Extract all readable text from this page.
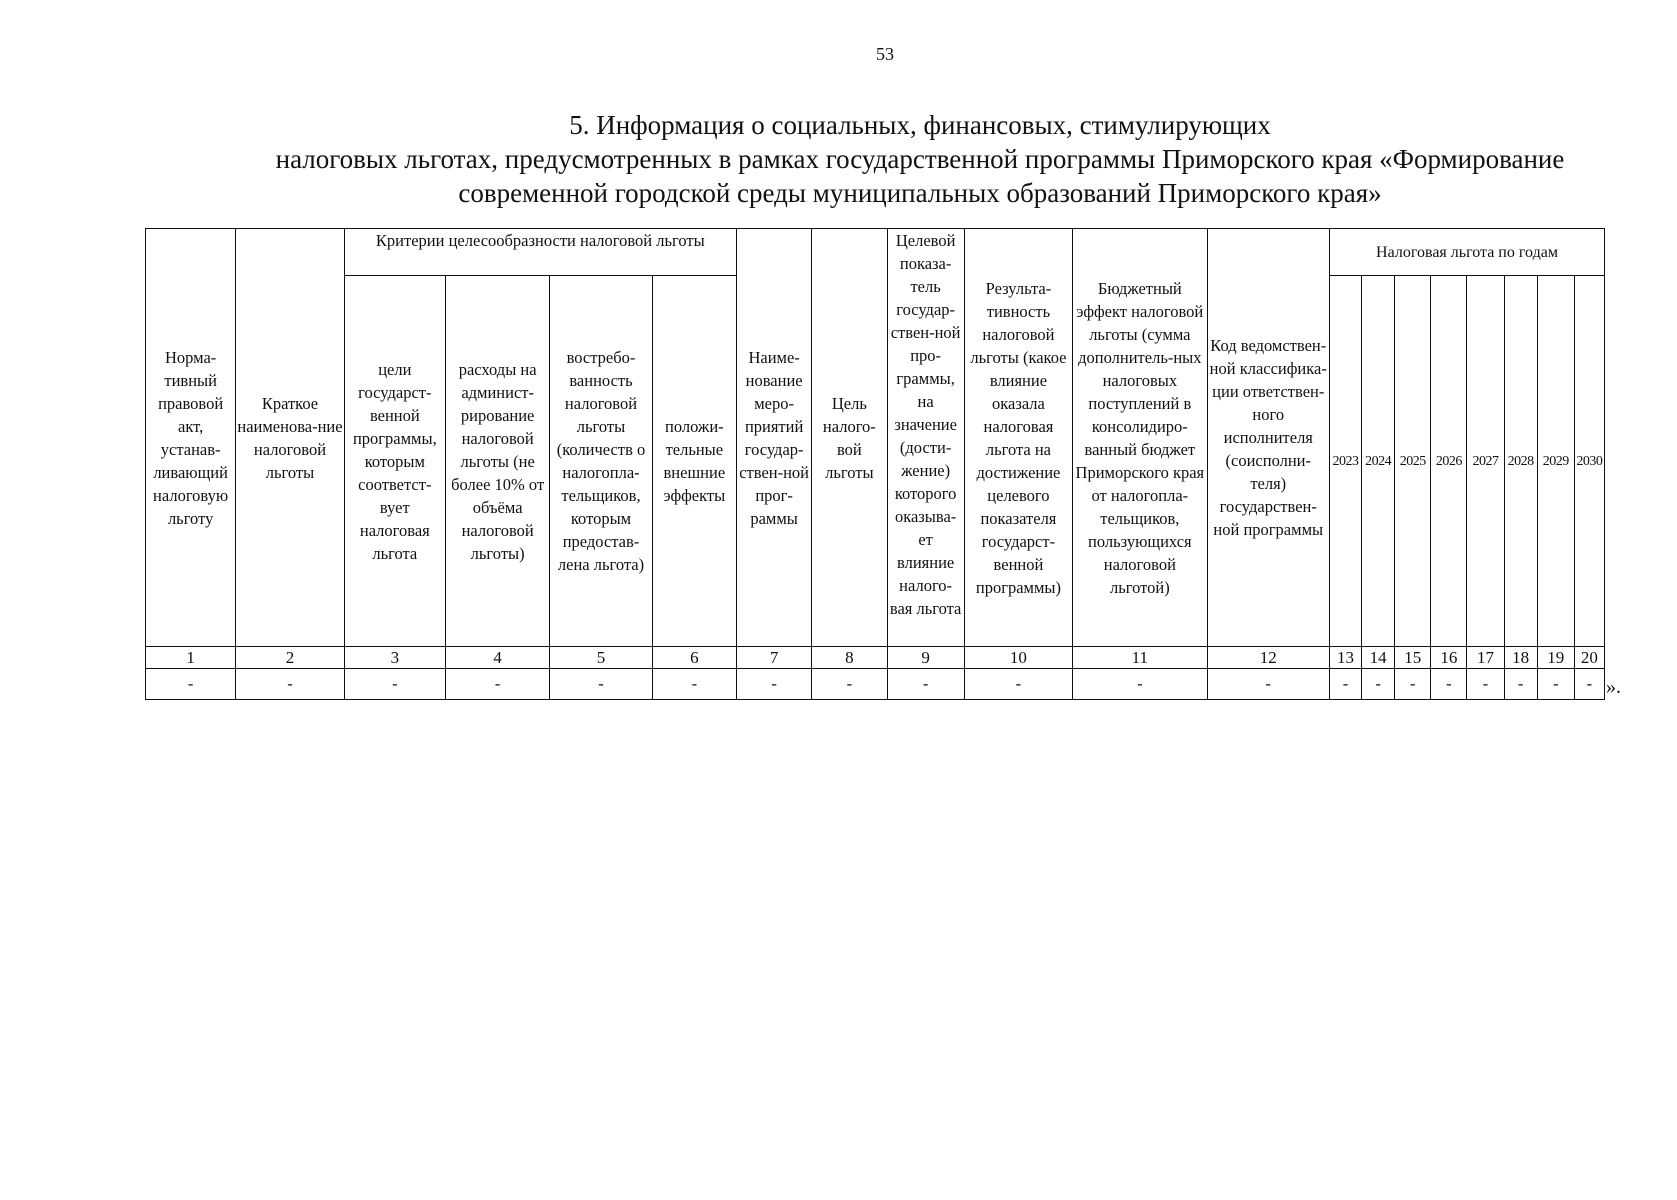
53
5. Информация о социальных, финансовых, стимулирующих
налоговых льготах, предусмотренных в рамках государственной программы Приморского края «Формирование
современной городской среды муниципальных образований Приморского края»
Норма-тивный правовой акт, устанав-ливающий налоговую льготу	Краткое наименова-ние налоговой льготы	Критерии целесообразности налоговой льготы				Наиме-нование меро-приятий государ-ствен-ной прог-раммы	Цель налого-вой льготы	Целевой показа-тель государ-ствен-ной про-граммы, на значение (дости-жение) которого оказыва-ет влияние налого-вая льгота	Результа-тивность налоговой льготы (какое влияние оказала налоговая льгота на достижение целевого показателя государст-венной программы)	Бюджетный эффект налоговой льготы (сумма дополнитель-ных налоговых поступлений в консолидиро-ванный бюджет Приморского края от налогопла-тельщиков, пользующихся налоговой льготой)	Код ведомствен-ной классифика-ции ответствен-ного исполнителя (соисполни-теля) государствен-ной программы	Налоговая льгота по годам							
		цели государст-венной программы, которым соответст-вует налоговая льгота	расходы на админист-рирование налоговой льготы (не более 10% от объёма налоговой льготы)	востребо-ванность налоговой льготы (количеств о налогопла-тельщиков, которым предостав-лена льгота)	положи-тельные внешние эффекты							2023	2024	2025	2026	2027	2028	2029	2030
1	2	3	4	5	6	7	8	9	10	11	12	13	14	15	16	17	18	19	20
-	-	-	-	-	-	-	-	-	-	-	-	-	-	-	-	-	-	-	- ».
